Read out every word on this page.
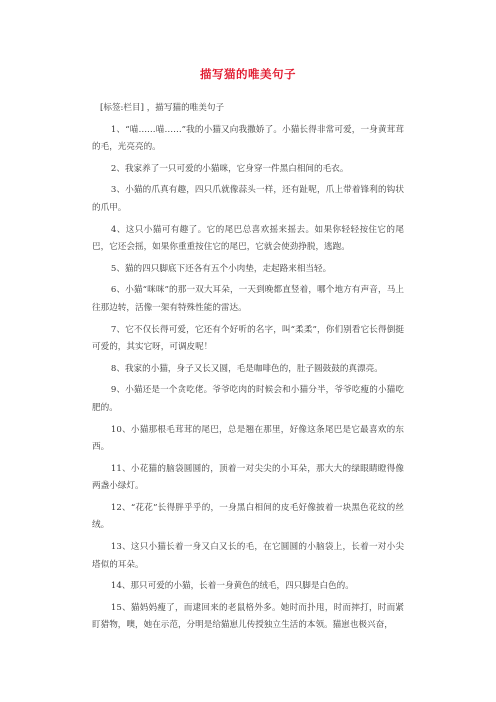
描写猫的唯美句子

[标签:栏目] ，描写猫的唯美句子

1、“喵……喵……”我的小猫又向我撒娇了。小猫长得非常可爱，一身黄茸茸的毛，光亮亮的。

2、我家养了一只可爱的小猫咪，它身穿一件黑白相间的毛衣。

3、小猫的爪真有趣，四只爪就像蒜头一样，还有趾呢，爪上带着锋利的钩状的爪甲。

4、这只小猫可有趣了。它的尾巴总喜欢摇来摇去。如果你轻轻按住它的尾巴，它还会摇，如果你重重按住它的尾巴，它就会使劲挣脱，逃跑。

5、猫的四只脚底下还各有五个小肉垫，走起路来相当轻。

6、小猫“咪咪”的那一双大耳朵，一天到晚都直竖着，哪个地方有声音，马上往那边转，活像一架有特殊性能的雷达。

7、它不仅长得可爱，它还有个好听的名字，叫“柔柔”，你们别看它长得倒挺可爱的，其实它呀，可调皮呢！

8、我家的小猫，身子又长又圆，毛是咖啡色的，肚子圆鼓鼓的真漂亮。

9、小猫还是一个贪吃佬。爷爷吃肉的时候会和小猫分半，爷爷吃瘦的小猫吃肥的。

10、小猫那根毛茸茸的尾巴，总是翘在那里，好像这条尾巴是它最喜欢的东西。

11、小花猫的脑袋圆圆的，顶着一对尖尖的小耳朵，那大大的绿眼睛瞪得像两盏小绿灯。

12、“花花”长得胖乎乎的，一身黑白相间的皮毛好像披着一块黑色花纹的丝绒。

13、这只小猫长着一身又白又长的毛，在它圆圆的小脑袋上，长着一对小尖塔似的耳朵。

14、那只可爱的小猫，长着一身黄色的绒毛，四只脚是白色的。

15、猫妈妈瘦了，而逮回来的老鼠格外多。她时而扑甩，时而摔打，时而紧盯猎物，噢，她在示范，分明是给猫崽儿传授独立生活的本领。猫崽也极兴奋，
